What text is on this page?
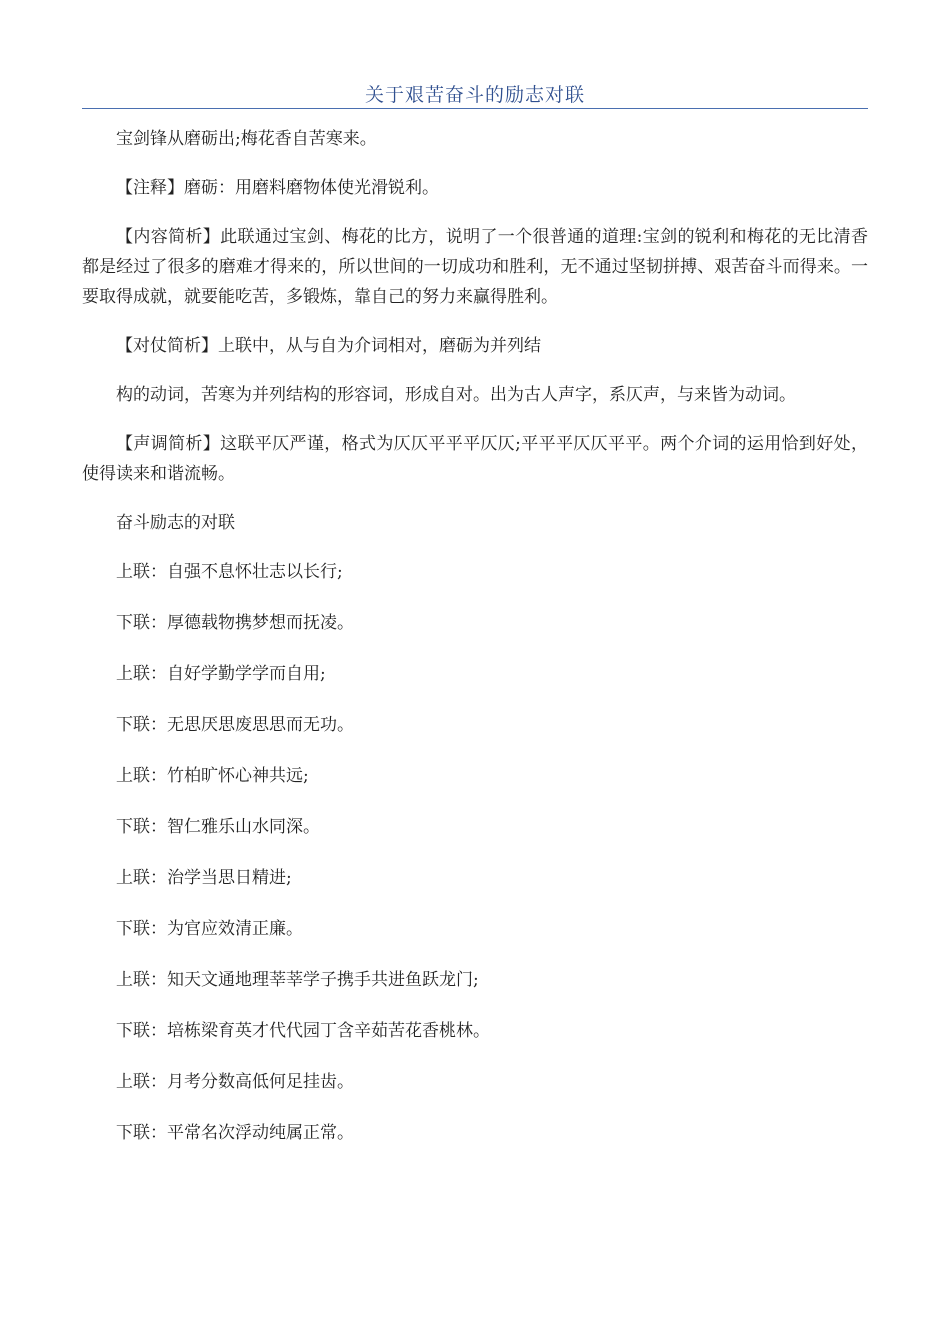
关于艰苦奋斗的励志对联

宝剑锋从磨砺出;梅花香自苦寒来。

【注释】磨砺：用磨料磨物体使光滑锐利。

【内容简析】此联通过宝剑、梅花的比方，说明了一个很普通的道理:宝剑的锐利和梅花的无比清香都是经过了很多的磨难才得来的，所以世间的一切成功和胜利，无不通过坚韧拼搏、艰苦奋斗而得来。一要取得成就，就要能吃苦，多锻炼，靠自己的努力来赢得胜利。

【对仗简析】上联中，从与自为介词相对，磨砺为并列结

构的动词，苦寒为并列结构的形容词，形成自对。出为古人声字，系仄声，与来皆为动词。

【声调简析】这联平仄严谨，格式为仄仄平平平仄仄;平平平仄仄平平。两个介词的运用恰到好处，使得读来和谐流畅。

奋斗励志的对联

上联：自强不息怀壮志以长行;

下联：厚德载物携梦想而抚凌。

上联：自好学勤学学而自用;

下联：无思厌思废思思而无功。

上联：竹柏旷怀心神共远;

下联：智仁雅乐山水同深。

上联：治学当思日精进;

下联：为官应效清正廉。

上联：知天文通地理莘莘学子携手共进鱼跃龙门;

下联：培栋梁育英才代代园丁含辛茹苦花香桃林。

上联：月考分数高低何足挂齿。

下联：平常名次浮动纯属正常。
